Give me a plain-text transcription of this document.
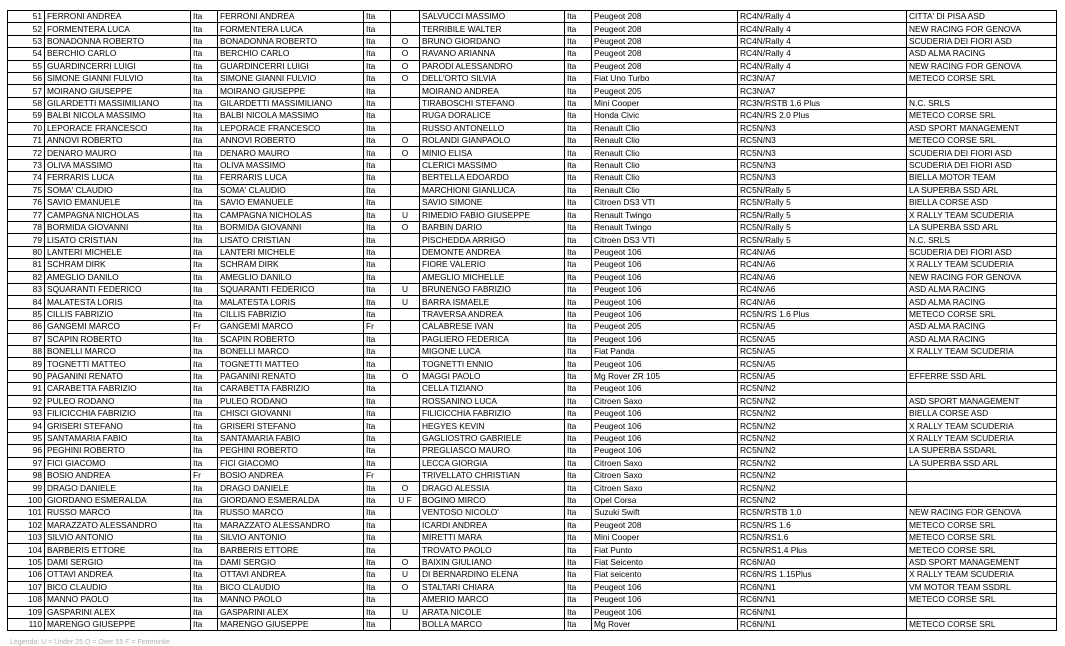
51	FERRONI ANDREA	Ita	FERRONI ANDREA	Ita		SALVUCCI MASSIMO	Ita	Peugeot 208	RC4N/Rally 4	CITTA' DI PISA ASD
52	FORMENTERA LUCA	Ita	FORMENTERA LUCA	Ita		TERRIBILE WALTER	Ita	Peugeot 208	RC4N/Rally 4	NEW RACING FOR GENOVA
53	BONADONNA ROBERTO	Ita	BONADONNA ROBERTO	Ita	O	BRUNO GIORDANO	Ita	Peugeot 208	RC4N/Rally 4	SCUDERIA DEI FIORI ASD
54	BERCHIO CARLO	Ita	BERCHIO CARLO	Ita	O	RAVANO ARIANNA	Ita	Peugeot 208	RC4N/Rally 4	ASD ALMA RACING
55	GUARDINCERRI LUIGI	Ita	GUARDINCERRI LUIGI	Ita	O	PARODI ALESSANDRO	Ita	Peugeot 208	RC4N/Rally 4	NEW RACING FOR GENOVA
56	SIMONE GIANNI FULVIO	Ita	SIMONE GIANNI FULVIO	Ita	O	DELL'ORTO SILVIA	Ita	Fiat Uno Turbo	RC3N/A7	METECO CORSE SRL
57	MOIRANO GIUSEPPE	Ita	MOIRANO GIUSEPPE	Ita		MOIRANO ANDREA	Ita	Peugeot 205	RC3N/A7	
58	GILARDETTI MASSIMILIANO	Ita	GILARDETTI MASSIMILIANO	Ita		TIRABOSCHI STEFANO	Ita	Mini Cooper	RC3N/RSTB 1.6 Plus	N.C. SRLS
59	BALBI NICOLA MASSIMO	Ita	BALBI NICOLA MASSIMO	Ita		RUGA DORALICE	Ita	Honda Civic	RC4N/RS 2.0 Plus	METECO CORSE SRL
70	LEPORACE FRANCESCO	Ita	LEPORACE FRANCESCO	Ita		RUSSO ANTONELLO	Ita	Renault Clio	RC5N/N3	ASD SPORT MANAGEMENT
71	ANNOVI ROBERTO	Ita	ANNOVI ROBERTO	Ita	O	ROLANDI GIANPAOLO	Ita	Renault Clio	RC5N/N3	METECO CORSE SRL
72	DENARO MAURO	Ita	DENARO MAURO	Ita	O	MINIO ELISA	Ita	Renault Clio	RC5N/N3	SCUDERIA DEI FIORI ASD
73	OLIVA MASSIMO	Ita	OLIVA MASSIMO	Ita		CLERICI MASSIMO	Ita	Renault Clio	RC5N/N3	SCUDERIA DEI FIORI ASD
74	FERRARIS LUCA	Ita	FERRARIS LUCA	Ita		BERTELLA EDOARDO	Ita	Renault Clio	RC5N/N3	BIELLA MOTOR TEAM
75	SOMA' CLAUDIO	Ita	SOMA' CLAUDIO	Ita		MARCHIONI GIANLUCA	Ita	Renault Clio	RC5N/Rally 5	LA SUPERBA SSD ARL
76	SAVIO EMANUELE	Ita	SAVIO EMANUELE	Ita		SAVIO SIMONE	Ita	Citroen DS3 VTI	RC5N/Rally 5	BIELLA CORSE ASD
77	CAMPAGNA NICHOLAS	Ita	CAMPAGNA NICHOLAS	Ita	U	RIMEDIO FABIO GIUSEPPE	Ita	Renault Twingo	RC5N/Rally 5	X RALLY TEAM SCUDERIA
78	BORMIDA GIOVANNI	Ita	BORMIDA GIOVANNI	Ita	O	BARBIN DARIO	Ita	Renault Twingo	RC5N/Rally 5	LA SUPERBA SSD ARL
79	LISATO CRISTIAN	Ita	LISATO CRISTIAN	Ita		PISCHEDDA ARRIGO	Ita	Citroen DS3 VTI	RC5N/Rally 5	N.C. SRLS
80	LANTERI MICHELE	Ita	LANTERI MICHELE	Ita		DEMONTE ANDREA	Ita	Peugeot 106	RC4N/A6	SCUDERIA DEI FIORI ASD
81	SCHRAM DIRK	Ita	SCHRAM DIRK	Ita		FIORE VALERIO	Ita	Peugeot 106	RC4N/A6	X RALLY TEAM SCUDERIA
82	AMEGLIO DANILO	Ita	AMEGLIO DANILO	Ita		AMEGLIO MICHELLE	Ita	Peugeot 106	RC4N/A6	NEW RACING FOR GENOVA
83	SQUARANTI FEDERICO	Ita	SQUARANTI FEDERICO	Ita	U	BRUNENGO FABRIZIO	Ita	Peugeot 106	RC4N/A6	ASD ALMA RACING
84	MALATESTA LORIS	Ita	MALATESTA LORIS	Ita	U	BARRA ISMAELE	Ita	Peugeot 106	RC4N/A6	ASD ALMA RACING
85	CILLIS FABRIZIO	Ita	CILLIS FABRIZIO	Ita		TRAVERSA ANDREA	Ita	Peugeot 106	RC5N/RS 1.6 Plus	METECO CORSE SRL
86	GANGEMI MARCO	Fr	GANGEMI MARCO	Fr		CALABRESE IVAN	Ita	Peugeot 205	RC5N/A5	ASD ALMA RACING
87	SCAPIN ROBERTO	Ita	SCAPIN ROBERTO	Ita		PAGLIERO FEDERICA	Ita	Peugeot 106	RC5N/A5	ASD ALMA RACING
88	BONELLI MARCO	Ita	BONELLI MARCO	Ita		MIGONE LUCA	Ita	Fiat Panda	RC5N/A5	X RALLY TEAM SCUDERIA
89	TOGNETTI MATTEO	Ita	TOGNETTI MATTEO	Ita		TOGNETTI ENNIO	Ita	Peugeot 106	RC5N/A5	
90	PAGANINI RENATO	Ita	PAGANINI RENATO	Ita	O	MAGGI PAOLO	Ita	Mg Rover ZR 105	RC5N/A5	EFFERRE SSD ARL
91	CARABETTA FABRIZIO	Ita	CARABETTA FABRIZIO	Ita		CELLA TIZIANO	Ita	Peugeot 106	RC5N/N2	
92	PULEO RODANO	Ita	PULEO RODANO	Ita		ROSSANINO LUCA	Ita	Citroen Saxo	RC5N/N2	ASD SPORT MANAGEMENT
93	FILICICCHIA FABRIZIO	Ita	CHISCI GIOVANNI	Ita		FILICICCHIA FABRIZIO	Ita	Peugeot 106	RC5N/N2	BIELLA CORSE ASD
94	GRISERI STEFANO	Ita	GRISERI STEFANO	Ita		HEGYES KEVIN	Ita	Peugeot 106	RC5N/N2	X RALLY TEAM SCUDERIA
95	SANTAMARIA FABIO	Ita	SANTAMARIA FABIO	Ita		GAGLIOSTRO GABRIELE	Ita	Peugeot 106	RC5N/N2	X RALLY TEAM SCUDERIA
96	PEGHINI ROBERTO	Ita	PEGHINI ROBERTO	Ita		PREGLIASCO MAURO	Ita	Peugeot 106	RC5N/N2	LA SUPERBA SSDARL
97	FICI GIACOMO	Ita	FICI GIACOMO	Ita		LECCA GIORGIA	Ita	Citroen Saxo	RC5N/N2	LA SUPERBA SSD ARL
98	BOSIO ANDREA	Fr	BOSIO ANDREA	Fr		TRIVELLATO CHRISTIAN	Ita	Citroen Saxo	RC5N/N2	
99	DRAGO DANIELE	Ita	DRAGO DANIELE	Ita	O	DRAGO ALESSIA	Ita	Citroen Saxo	RC5N/N2	
100	GIORDANO ESMERALDA	Ita	GIORDANO ESMERALDA	Ita	U F	BOGINO MIRCO	Ita	Opel Corsa	RC5N/N2	
101	RUSSO MARCO	Ita	RUSSO MARCO	Ita		VENTOSO NICOLO'	Ita	Suzuki Swift	RC5N/RSTB 1.0	NEW RACING FOR GENOVA
102	MARAZZATO ALESSANDRO	Ita	MARAZZATO ALESSANDRO	Ita		ICARDI ANDREA	Ita	Peugeot 208	RC5N/RS 1.6	METECO CORSE SRL
103	SILVIO ANTONIO	Ita	SILVIO ANTONIO	Ita		MIRETTI MARA	Ita	Mini Cooper	RC5N/RS1.6	METECO CORSE SRL
104	BARBERIS ETTORE	Ita	BARBERIS ETTORE	Ita		TROVATO PAOLO	Ita	Fiat Punto	RC5N/RS1.4 Plus	METECO CORSE SRL
105	DAMI SERGIO	Ita	DAMI SERGIO	Ita	O	BAIXIN GIULIANO	Ita	Fiat Seicento	RC6N/A0	ASD SPORT MANAGEMENT
106	OTTAVI ANDREA	Ita	OTTAVI ANDREA	Ita	U	DI BERNARDINO ELENA	Ita	Fiat seicento	RC6N/RS 1.15Plus	X RALLY TEAM SCUDERIA
107	BICO CLAUDIO	Ita	BICO CLAUDIO	Ita	O	STALTARI CHIARA	Ita	Peugeot 106	RC6N/N1	VM MOTOR TEAM SSDRL
108	MANNO PAOLO	Ita	MANNO PAOLO	Ita		AMERIO MARCO	Ita	Peugeot 106	RC6N/N1	METECO CORSE SRL
109	GASPARINI ALEX	Ita	GASPARINI ALEX	Ita	U	ARATA NICOLE	Ita	Peugeot 106	RC6N/N1	
110	MARENGO GIUSEPPE	Ita	MARENGO GIUSEPPE	Ita		BOLLA MARCO	Ita	Mg Rover	RC6N/N1	METECO CORSE SRL
Legenda: U = Under 25 O = Over 55 F = Femminile
